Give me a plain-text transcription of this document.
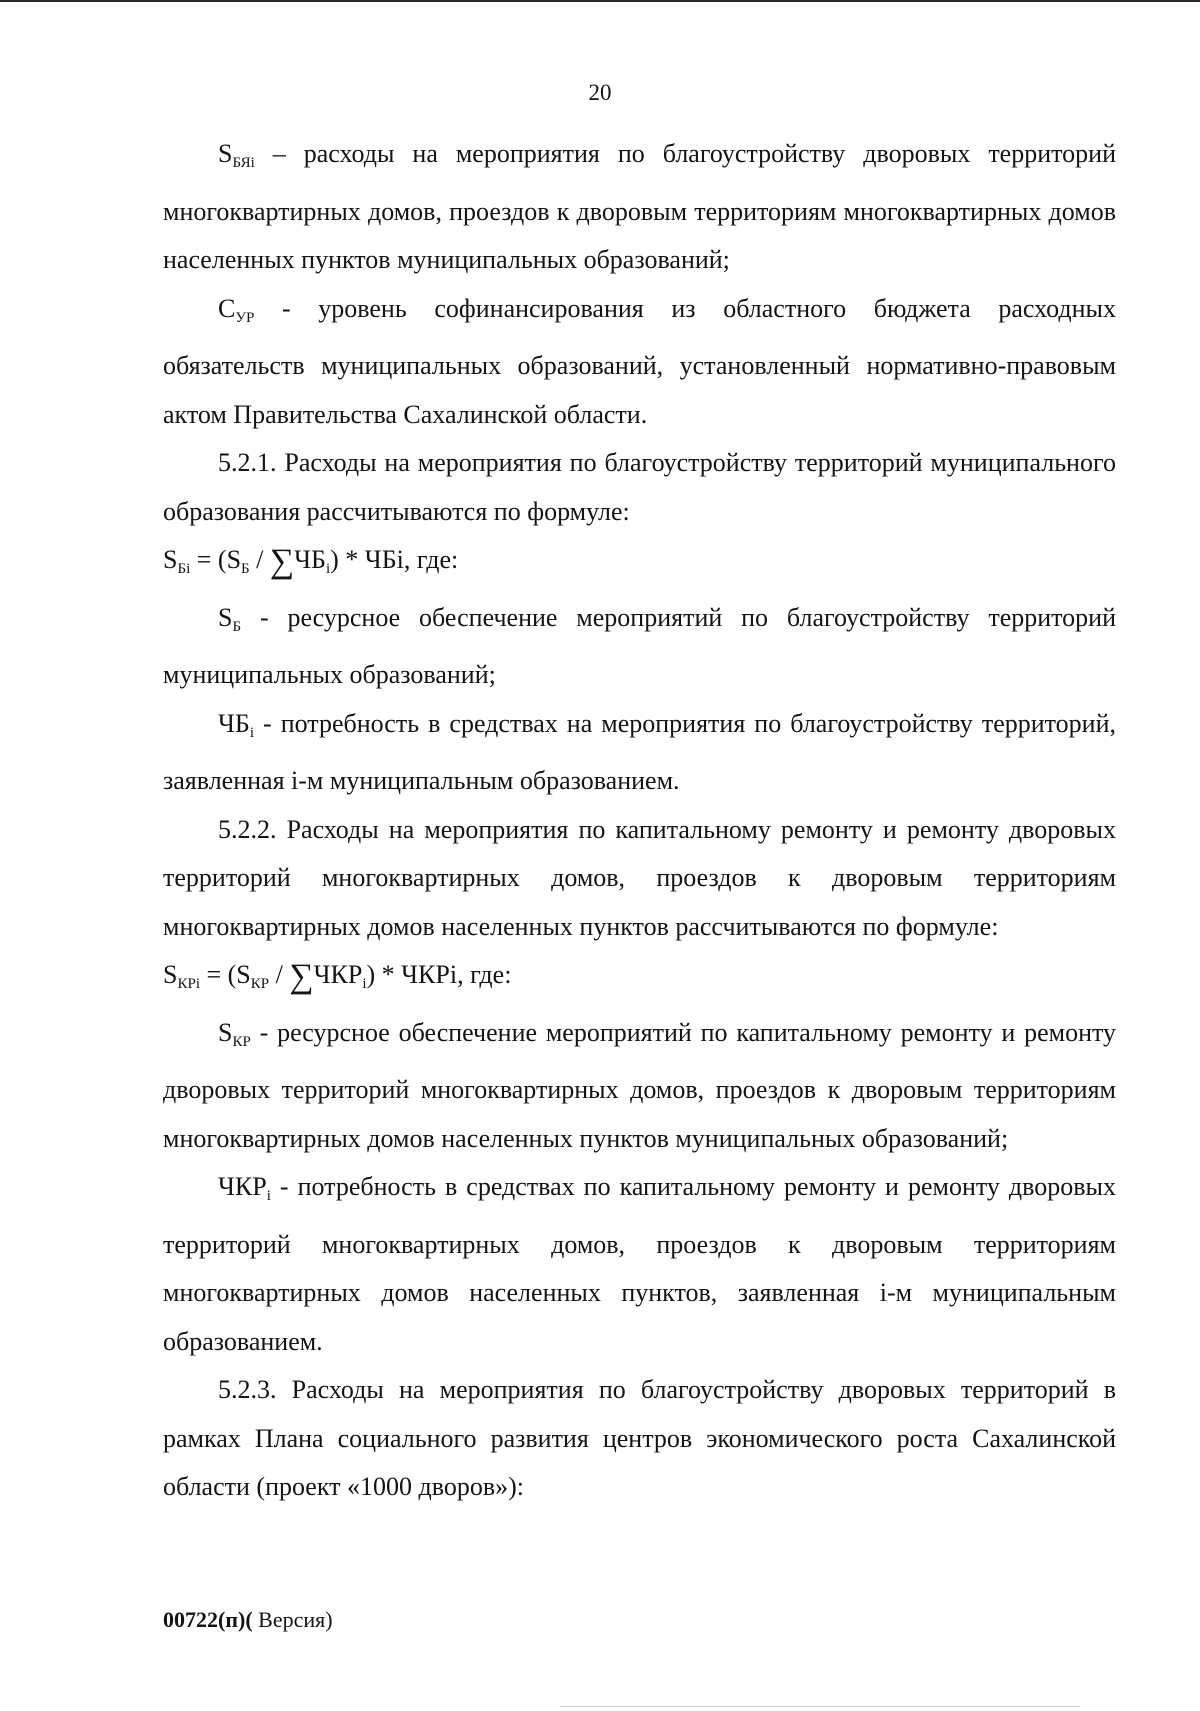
20

SБЯi – расходы на мероприятия по благоустройству дворовых территорий многоквартирных домов, проездов к дворовым территориям многоквартирных домов населенных пунктов муниципальных образований;

СУР - уровень софинансирования из областного бюджета расходных обязательств муниципальных образований, установленный нормативно-правовым актом Правительства Сахалинской области.

5.2.1. Расходы на мероприятия по благоустройству территорий муниципального образования рассчитываются по формуле:

SБi = (SБ / ∑ЧБi) * ЧБi, где:

SБ - ресурсное обеспечение мероприятий по благоустройству территорий муниципальных образований;

ЧБi - потребность в средствах на мероприятия по благоустройству территорий, заявленная i-м муниципальным образованием.

5.2.2. Расходы на мероприятия по капитальному ремонту и ремонту дворовых территорий многоквартирных домов, проездов к дворовым территориям многоквартирных домов населенных пунктов рассчитываются по формуле:

SКРi = (SКР / ∑ЧКРi) * ЧКРi, где:

SКР - ресурсное обеспечение мероприятий по капитальному ремонту и ремонту дворовых территорий многоквартирных домов, проездов к дворовым территориям многоквартирных домов населенных пунктов муниципальных образований;

ЧКРi - потребность в средствах по капитальному ремонту и ремонту дворовых территорий многоквартирных домов, проездов к дворовым территориям многоквартирных домов населенных пунктов, заявленная i-м муниципальным образованием.

5.2.3. Расходы на мероприятия по благоустройству дворовых территорий в рамках Плана социального развития центров экономического роста Сахалинской области (проект «1000 дворов»):

00722(п)( Версия)
